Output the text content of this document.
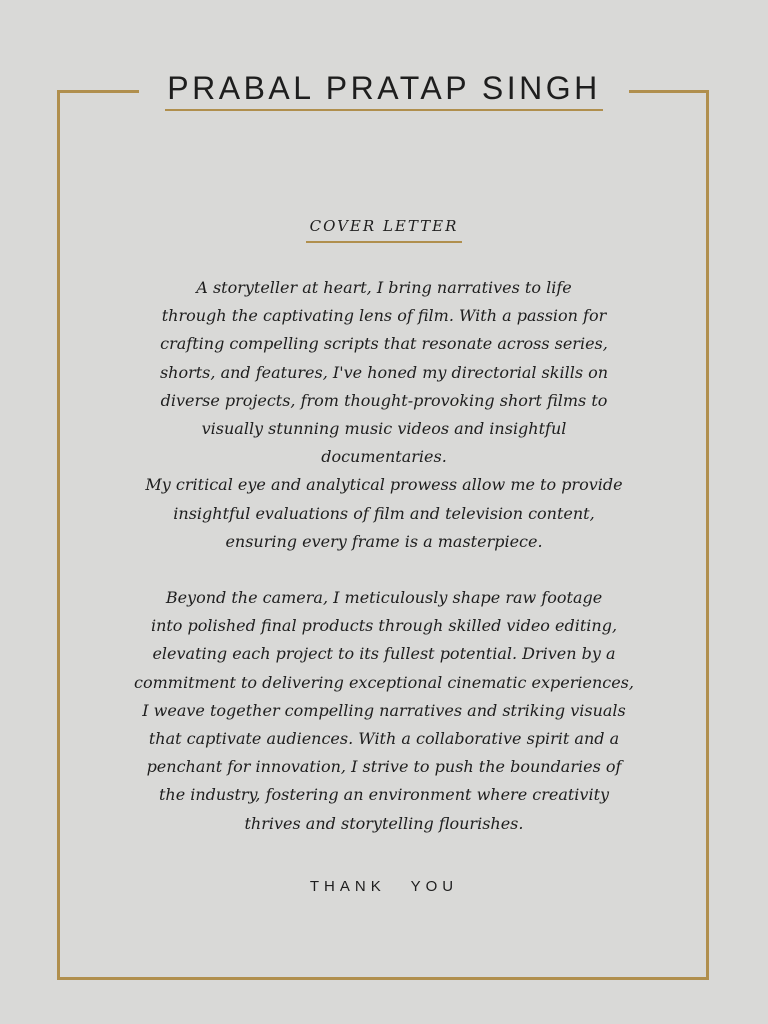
PRABAL PRATAP SINGH
COVER LETTER
A storyteller at heart, I bring narratives to life
through the captivating lens of film. With a passion for
crafting compelling scripts that resonate across series,
shorts, and features, I've honed my directorial skills on
diverse projects, from thought-provoking short films to
visually stunning music videos and insightful
documentaries.
My critical eye and analytical prowess allow me to provide
insightful evaluations of film and television content,
ensuring every frame is a masterpiece.
Beyond the camera, I meticulously shape raw footage
into polished final products through skilled video editing,
elevating each project to its fullest potential. Driven by a
commitment to delivering exceptional cinematic experiences,
I weave together compelling narratives and striking visuals
that captivate audiences. With a collaborative spirit and a
penchant for innovation, I strive to push the boundaries of
the industry, fostering an environment where creativity
thrives and storytelling flourishes.
THANK YOU
